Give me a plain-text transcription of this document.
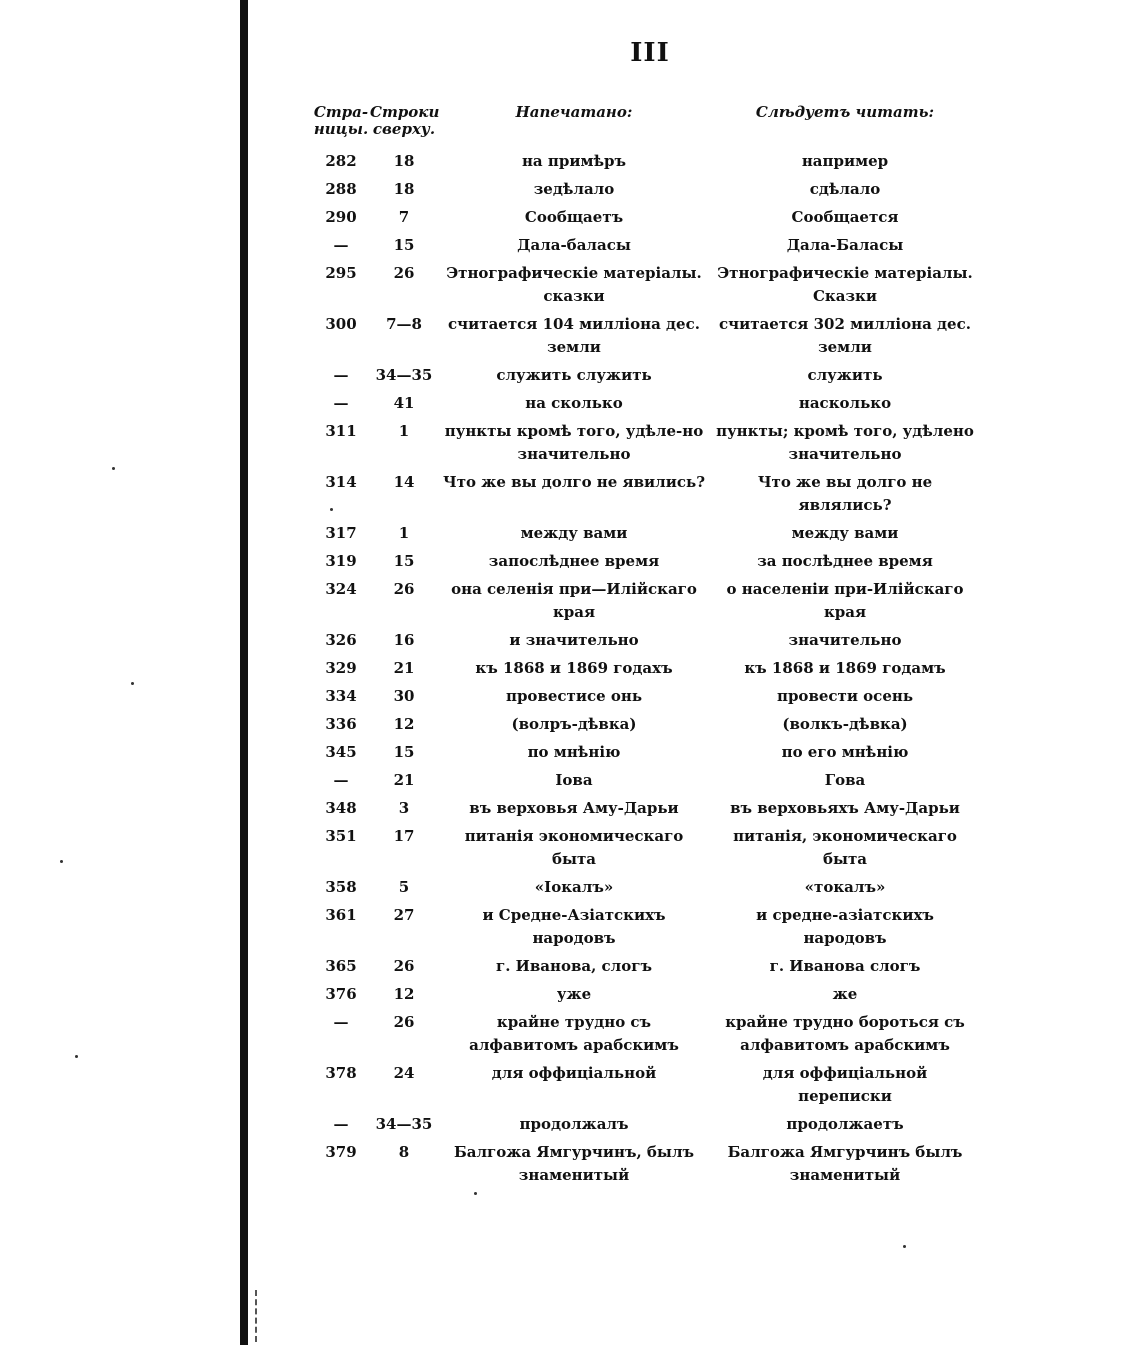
III
Стра-
ницы.	Строки
сверху.	Напечатано:	Слѣдуетъ читать:
282	18	на примѣръ	например
288	18	зедѣлало	сдѣлало
290	7	Сообщаетъ	Сообщается
—	15	Дала-баласы	Дала-Баласы
295	26	Этнографическіе матеріалы. сказки	Этнографическіе матеріалы. Сказки
300	7—8	считается 104 милліона дес. земли	считается 302 милліона дес. земли
—	34—35	служить служить	служить
—	41	на сколько	насколько
311	1	пункты кромѣ того, удѣле-но значительно	пункты; кромѣ того, удѣлено значительно
314	14	Что же вы долго не явились?	Что же вы долго не являлись?
317	1	между вами	между вами
319	15	запослѣднее время	за послѣднее время
324	26	она селенія при—Илійскаго края	о населеніи при-Илійскаго края
326	16	и значительно	значительно
329	21	къ 1868 и 1869 годахъ	къ 1868 и 1869 годамъ
334	30	провестисе онь	провести осень
336	12	(волръ-дѣвка)	(волкъ-дѣвка)
345	15	по мнѣнію	по его мнѣнію
—	21	Іова	Гова
348	3	въ верховья Аму-Дарьи	въ верховьяхъ Аму-Дарьи
351	17	питанія экономическаго быта	питанія, экономическаго быта
358	5	«Іокалъ»	«токалъ»
361	27	и Средне-Азіатскихъ народовъ	и средне-азіатскихъ народовъ
365	26	г. Иванова, слогъ	г. Иванова слогъ
376	12	уже	же
—	26	крайне трудно съ алфавитомъ арабскимъ	крайне трудно бороться съ алфавитомъ арабскимъ
378	24	для оффиціальной	для оффиціальной переписки
—	34—35	продолжалъ	продолжаетъ
379	8	Балгожа Ямгурчинъ, былъ знаменитый	Балгожа Ямгурчинъ былъ знаменитый
